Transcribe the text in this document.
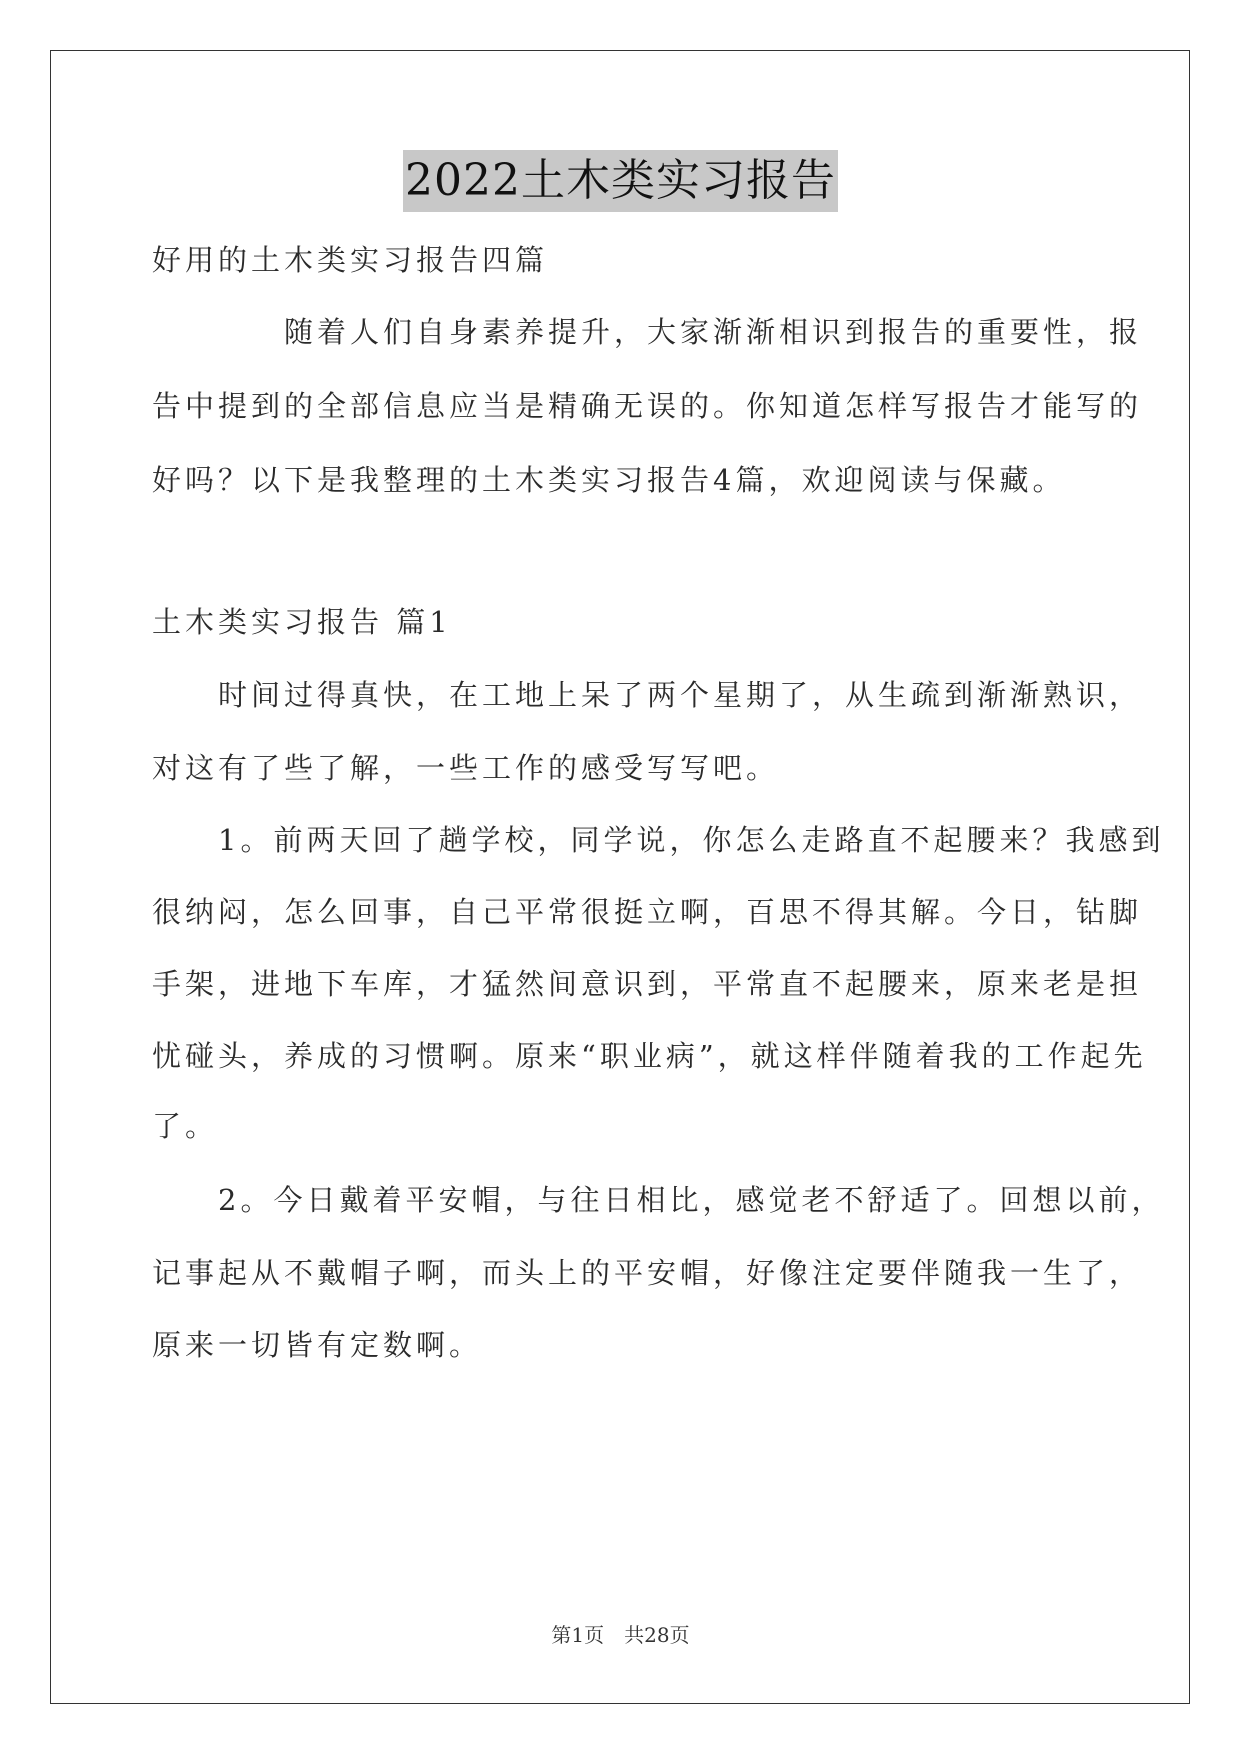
2022土木类实习报告
好用的土木类实习报告四篇
　　　　随着人们自身素养提升，大家渐渐相识到报告的重要性，报
告中提到的全部信息应当是精确无误的。你知道怎样写报告才能写的
好吗？以下是我整理的土木类实习报告4篇，欢迎阅读与保藏。
土木类实习报告 篇1
　　时间过得真快，在工地上呆了两个星期了，从生疏到渐渐熟识，
对这有了些了解，一些工作的感受写写吧。
　　1。前两天回了趟学校，同学说，你怎么走路直不起腰来？我感到
很纳闷，怎么回事，自己平常很挺立啊，百思不得其解。今日，钻脚
手架，进地下车库，才猛然间意识到，平常直不起腰来，原来老是担
忧碰头，养成的习惯啊。原来“职业病”，就这样伴随着我的工作起先
了。
　　2。今日戴着平安帽，与往日相比，感觉老不舒适了。回想以前，
记事起从不戴帽子啊，而头上的平安帽，好像注定要伴随我一生了，
原来一切皆有定数啊。
第1页　共28页
